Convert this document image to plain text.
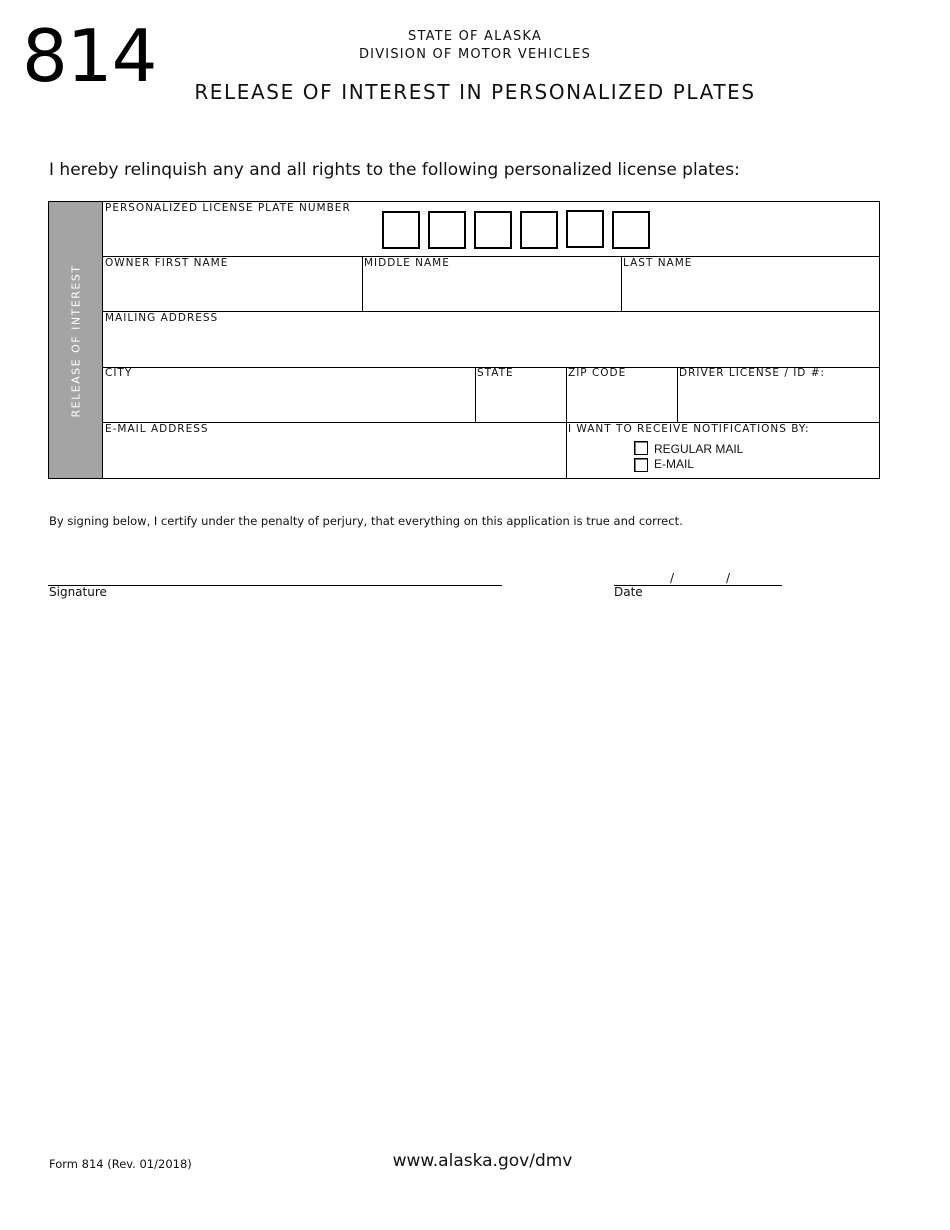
814	STATE OF ALASKA
DIVISION OF MOTOR VEHICLES
RELEASE OF INTEREST IN PERSONALIZED PLATES
I hereby relinquish any and all rights to the following personalized license plates:
RELEASE OF INTEREST
PERSONALIZED LICENSE PLATE NUMBER
OWNER FIRST NAME	MIDDLE NAME	LAST NAME
MAILING ADDRESS
CITY	STATE	ZIP CODE	DRIVER LICENSE / ID #:
E-MAIL ADDRESS	I WANT TO RECEIVE NOTIFICATIONS BY:
REGULAR MAIL
E-MAIL
By signing below, I certify under the penalty of perjury, that everything on this application is true and correct.
Signature
/	/
Date
Form 814 (Rev. 01/2018)	www.alaska.gov/dmv
